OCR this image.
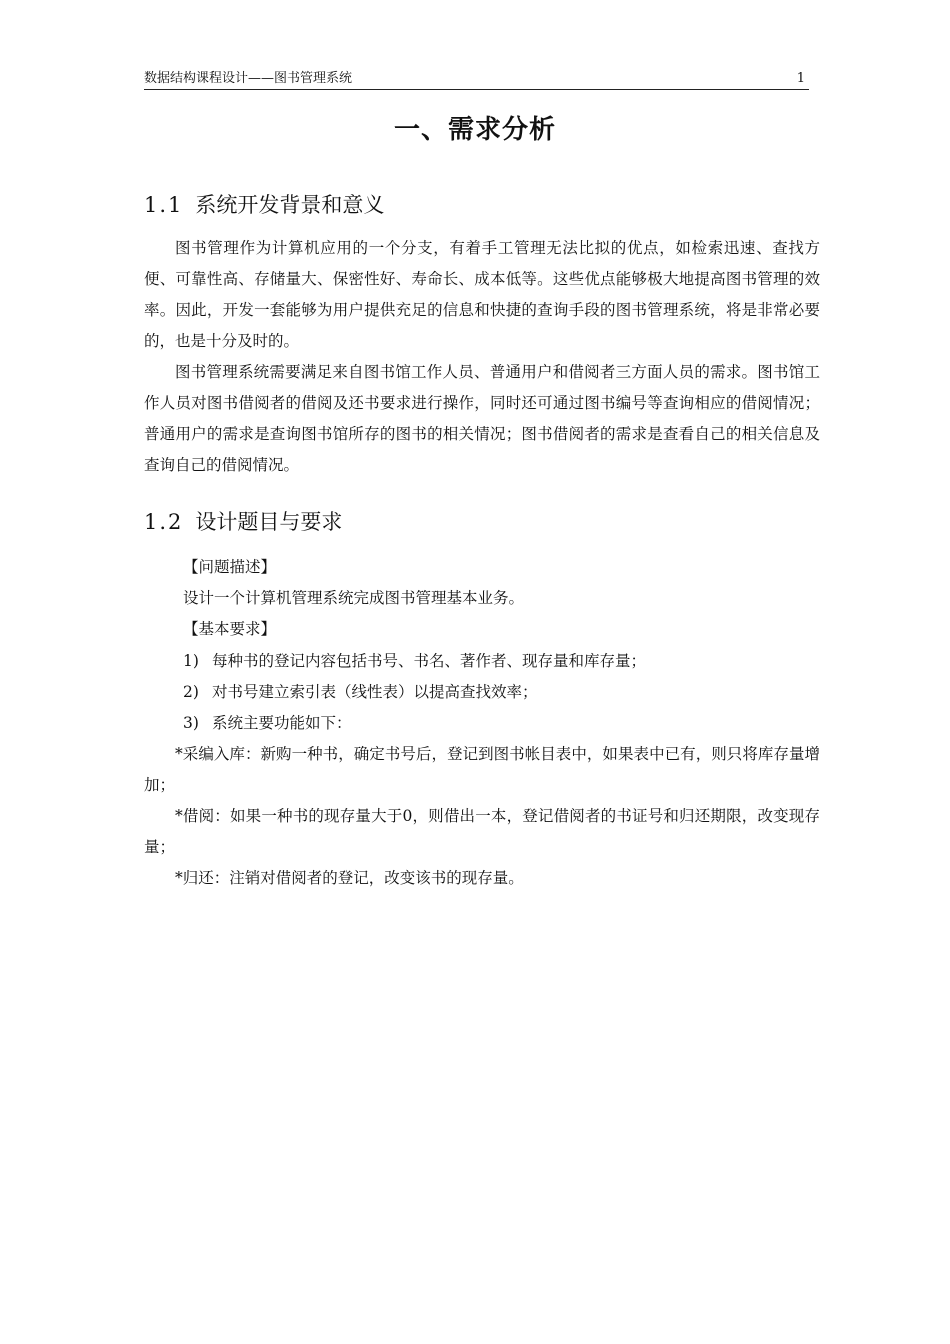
数据结构课程设计——图书管理系统	1
一、需求分析
1.1 系统开发背景和意义

图书管理作为计算机应用的一个分支，有着手工管理无法比拟的优点，如检索迅速、查找方便、可靠性高、存储量大、保密性好、寿命长、成本低等。这些优点能够极大地提高图书管理的效率。因此，开发一套能够为用户提供充足的信息和快捷的查询手段的图书管理系统，将是非常必要的，也是十分及时的。

图书管理系统需要满足来自图书馆工作人员、普通用户和借阅者三方面人员的需求。图书馆工作人员对图书借阅者的借阅及还书要求进行操作，同时还可通过图书编号等查询相应的借阅情况；普通用户的需求是查询图书馆所存的图书的相关情况；图书借阅者的需求是查看自己的相关信息及查询自己的借阅情况。

1.2 设计题目与要求
【问题描述】
设计一个计算机管理系统完成图书管理基本业务。
【基本要求】
1) 每种书的登记内容包括书号、书名、著作者、现存量和库存量；
2) 对书号建立索引表（线性表）以提高查找效率；
3) 系统主要功能如下：

*采编入库：新购一种书，确定书号后，登记到图书帐目表中，如果表中已有，则只将库存量增加；

*借阅：如果一种书的现存量大于0，则借出一本，登记借阅者的书证号和归还期限，改变现存量；

*归还：注销对借阅者的登记，改变该书的现存量。
